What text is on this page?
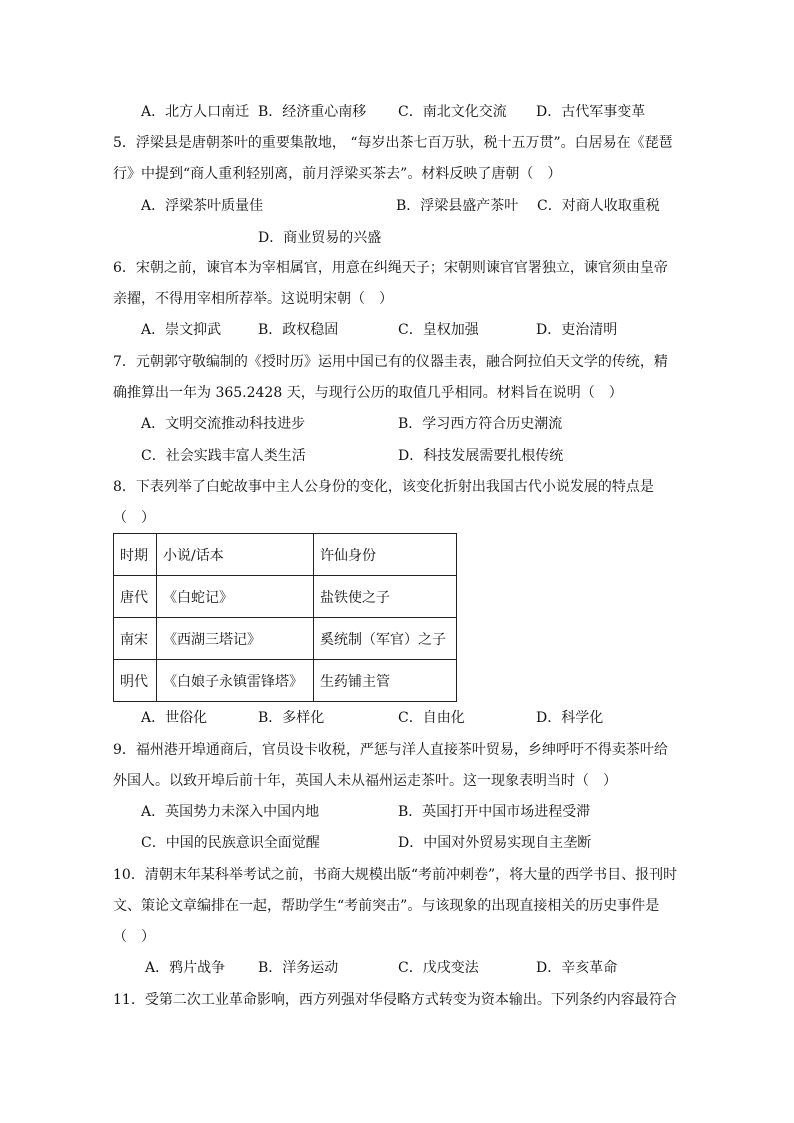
A．北方人口南迁 B．经济重心南移 C．南北文化交流 D．古代军事变革
5．浮梁县是唐朝茶叶的重要集散地， “每岁出茶七百万驮，税十五万贯”。白居易在《琵琶
行》中提到“商人重利轻别离，前月浮梁买茶去”。材料反映了唐朝（　）
A．浮梁茶叶质量佳	B．浮梁县盛产茶叶 C．对商人收取重税
D．商业贸易的兴盛
6．宋朝之前，谏官本为宰相属官，用意在纠绳天子；宋朝则谏官官署独立，谏官须由皇帝
亲擢，不得用宰相所荐举。这说明宋朝（　）
A．崇文抑武	B．政权稳固	C．皇权加强	D．吏治清明
7．元朝郭守敬编制的《授时历》运用中国已有的仪器圭表，融合阿拉伯天文学的传统，精
确推算出一年为 365.2428 天，与现行公历的取值几乎相同。材料旨在说明（　）
A．文明交流推动科技进步	B．学习西方符合历史潮流
C．社会实践丰富人类生活	D．科技发展需要扎根传统
8．下表列举了白蛇故事中主人公身份的变化，该变化折射出我国古代小说发展的特点是
（　）
时期	小说/话本	许仙身份
唐代	《白蛇记》	盐铁使之子
南宋	《西湖三塔记》	奚统制（军官）之子
明代	《白娘子永镇雷锋塔》	生药铺主管
A．世俗化	B．多样化	C．自由化	D．科学化
9．福州港开埠通商后，官员设卡收税，严惩与洋人直接茶叶贸易，乡绅呼吁不得卖茶叶给
外国人。以致开埠后前十年，英国人未从福州运走茶叶。这一现象表明当时（　）
A．英国势力未深入中国内地	B．英国打开中国市场进程受滞
C．中国的民族意识全面觉醒	D．中国对外贸易实现自主垄断
10．清朝末年某科举考试之前，书商大规模出版“考前冲刺卷”，将大量的西学书目、报刊时
文、策论文章编排在一起，帮助学生“考前突击”。与该现象的出现直接相关的历史事件是
（　）
A．鸦片战争 B．洋务运动	C．戊戌变法	D．辛亥革命
11．受第二次工业革命影响，西方列强对华侵略方式转变为资本输出。下列条约内容最符合
